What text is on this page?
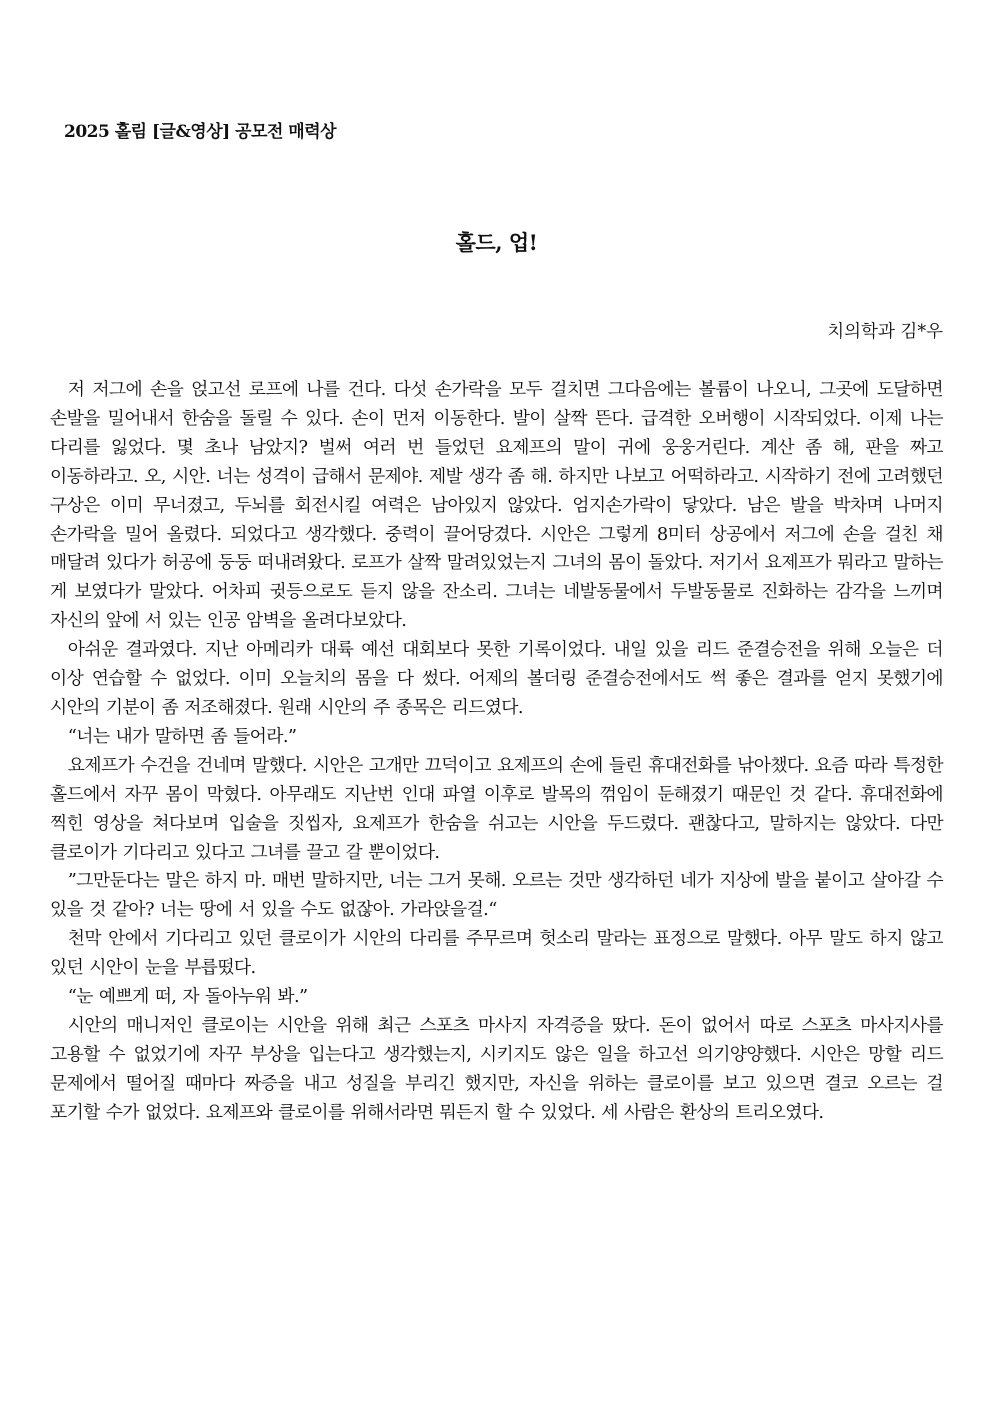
2025 홀림 [글&영상] 공모전 매력상
홀드, 업!
치의학과 김*우

저 저그에 손을 얹고선 로프에 나를 건다. 다섯 손가락을 모두 걸치면 그다음에는 볼륨이 나오니, 그곳에 도달하면 손발을 밀어내서 한숨을 돌릴 수 있다. 손이 먼저 이동한다. 발이 살짝 뜬다. 급격한 오버행이 시작되었다. 이제 나는 다리를 잃었다. 몇 초나 남았지? 벌써 여러 번 들었던 요제프의 말이 귀에 웅웅거린다. 계산 좀 해, 판을 짜고 이동하라고. 오, 시안. 너는 성격이 급해서 문제야. 제발 생각 좀 해. 하지만 나보고 어떡하라고. 시작하기 전에 고려했던 구상은 이미 무너졌고, 두뇌를 회전시킬 여력은 남아있지 않았다. 엄지손가락이 닿았다. 남은 발을 박차며 나머지 손가락을 밀어 올렸다. 되었다고 생각했다. 중력이 끌어당겼다. 시안은 그렇게 8미터 상공에서 저그에 손을 걸친 채 매달려 있다가 허공에 둥둥 떠내려왔다. 로프가 살짝 말려있었는지 그녀의 몸이 돌았다. 저기서 요제프가 뭐라고 말하는 게 보였다가 말았다. 어차피 귓등으로도 듣지 않을 잔소리. 그녀는 네발동물에서 두발동물로 진화하는 감각을 느끼며 자신의 앞에 서 있는 인공 암벽을 올려다보았다.

아쉬운 결과였다. 지난 아메리카 대륙 예선 대회보다 못한 기록이었다. 내일 있을 리드 준결승전을 위해 오늘은 더 이상 연습할 수 없었다. 이미 오늘치의 몸을 다 썼다. 어제의 볼더링 준결승전에서도 썩 좋은 결과를 얻지 못했기에 시안의 기분이 좀 저조해졌다. 원래 시안의 주 종목은 리드였다.

“너는 내가 말하면 좀 들어라.”

요제프가 수건을 건네며 말했다. 시안은 고개만 끄덕이고 요제프의 손에 들린 휴대전화를 낚아챘다. 요즘 따라 특정한 홀드에서 자꾸 몸이 막혔다. 아무래도 지난번 인대 파열 이후로 발목의 꺾임이 둔해졌기 때문인 것 같다. 휴대전화에 찍힌 영상을 쳐다보며 입술을 짓씹자, 요제프가 한숨을 쉬고는 시안을 두드렸다. 괜찮다고, 말하지는 않았다. 다만 클로이가 기다리고 있다고 그녀를 끌고 갈 뿐이었다.

”그만둔다는 말은 하지 마. 매번 말하지만, 너는 그거 못해. 오르는 것만 생각하던 네가 지상에 발을 붙이고 살아갈 수 있을 것 같아? 너는 땅에 서 있을 수도 없잖아. 가라앉을걸.“

천막 안에서 기다리고 있던 클로이가 시안의 다리를 주무르며 헛소리 말라는 표정으로 말했다. 아무 말도 하지 않고 있던 시안이 눈을 부릅떴다.

“눈 예쁘게 떠, 자 돌아누워 봐.”

시안의 매니저인 클로이는 시안을 위해 최근 스포츠 마사지 자격증을 땄다. 돈이 없어서 따로 스포츠 마사지사를 고용할 수 없었기에 자꾸 부상을 입는다고 생각했는지, 시키지도 않은 일을 하고선 의기양양했다. 시안은 망할 리드 문제에서 떨어질 때마다 짜증을 내고 성질을 부리긴 했지만, 자신을 위하는 클로이를 보고 있으면 결코 오르는 걸 포기할 수가 없었다. 요제프와 클로이를 위해서라면 뭐든지 할 수 있었다. 세 사람은 환상의 트리오였다.
